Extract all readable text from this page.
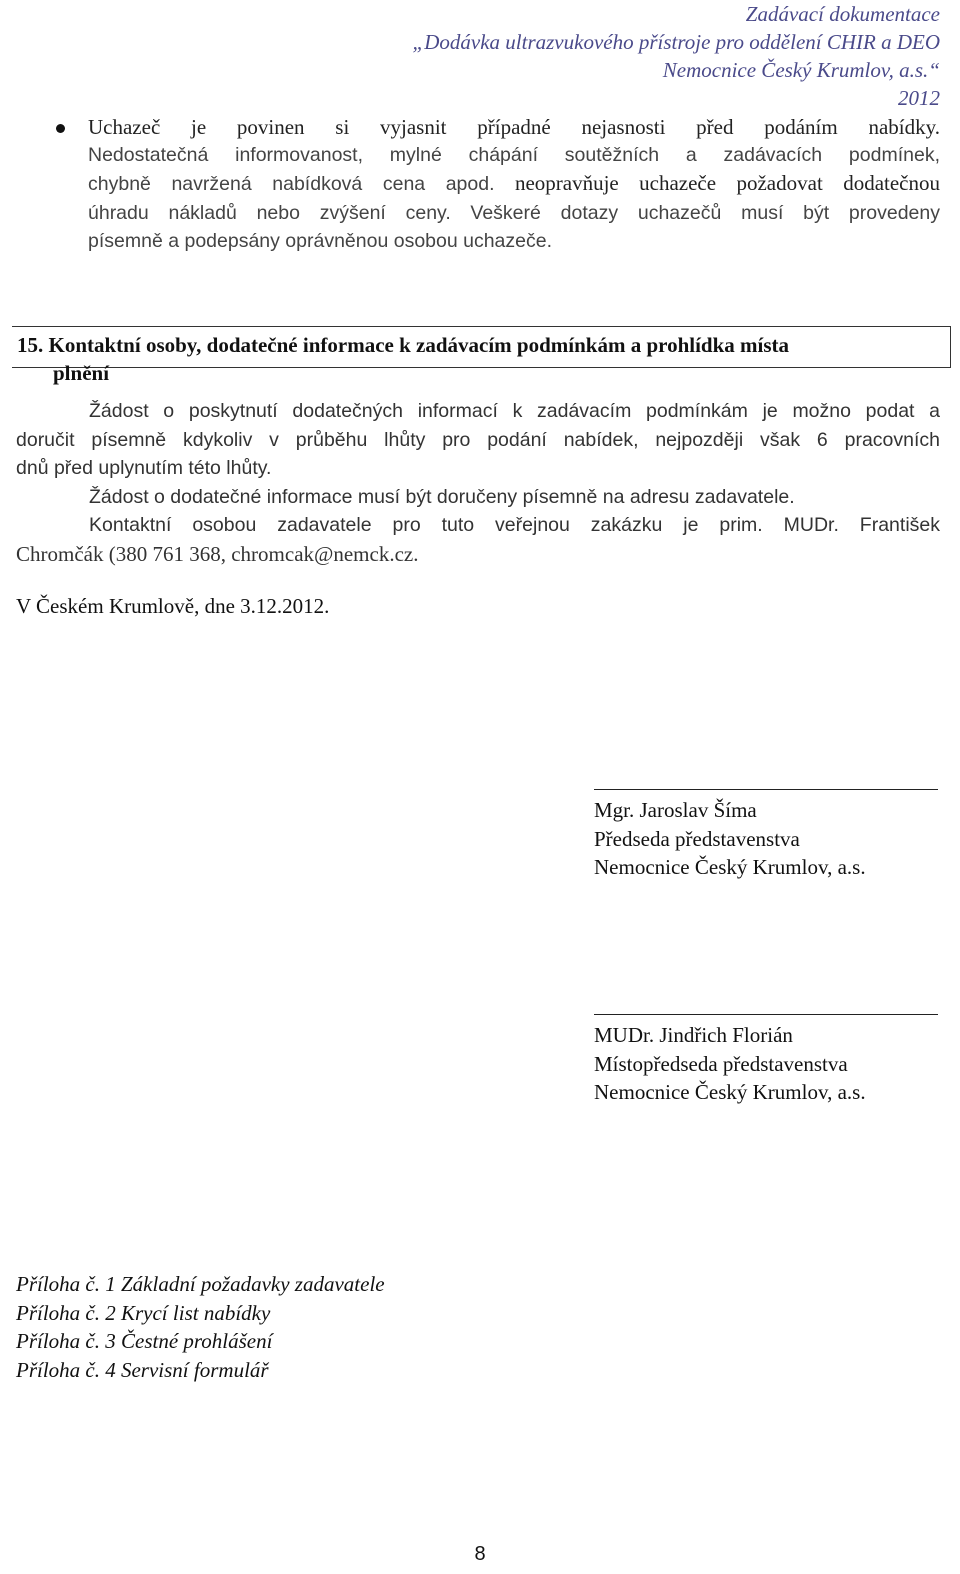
Zadávací dokumentace
„Dodávka ultrazvukového přístroje pro oddělení CHIR a DEO
Nemocnice Český Krumlov, a.s.“
2012
Uchazeč je povinen si vyjasnit případné nejasnosti před podáním nabídky.
Nedostatečná informovanost, mylné chápání soutěžních a zadávacích podmínek,
chybně navržená nabídková cena apod. neopravňuje uchazeče požadovat dodatečnou
úhradu nákladů nebo zvýšení ceny. Veškeré dotazy uchazečů musí být provedeny
písemně a podepsány oprávněnou osobou uchazeče.
15. Kontaktní osoby, dodatečné informace k zadávacím podmínkám a prohlídka místa
plnění
Žádost o poskytnutí dodatečných informací k zadávacím podmínkám je možno podat a
doručit písemně kdykoliv v průběhu lhůty pro podání nabídek, nejpozději však 6 pracovních
dnů před uplynutím této lhůty.
Žádost o dodatečné informace musí být doručeny písemně na adresu zadavatele.
Kontaktní osobou zadavatele pro tuto veřejnou zakázku je prim. MUDr. František
Chromčák (380 761 368, chromcak@nemck.cz.
V Českém Krumlově, dne 3.12.2012.
Mgr. Jaroslav Šíma
Předseda představenstva
Nemocnice Český Krumlov, a.s.
MUDr. Jindřich Florián
Místopředseda představenstva
Nemocnice Český Krumlov, a.s.
Příloha č. 1 Základní požadavky zadavatele
Příloha č. 2 Krycí list nabídky
Příloha č. 3 Čestné prohlášení
Příloha č. 4 Servisní formulář
8
